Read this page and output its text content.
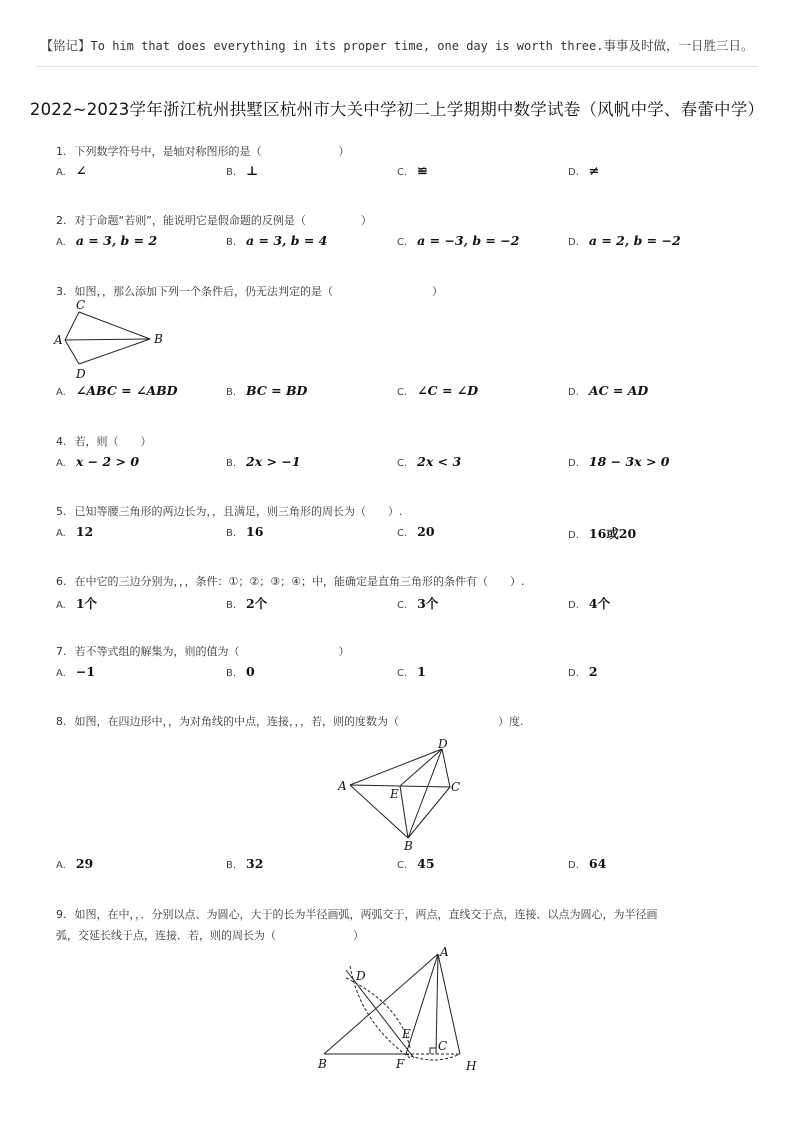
【铭记】To him that does everything in its proper time, one day is worth three.事事及时做，一日胜三日。
2022~2023学年浙江杭州拱墅区杭州市大关中学初二上学期期中数学试卷（风帆中学、春蕾中学）
1. 下列数学符号中，是轴对称图形的是（　　　　　　　）
A. ∠	B. ⊥	C. ≌	D. ≠
2. 对于命题“若则”，能说明它是假命题的反例是（　　　　　）
A. a = 3, b = 2	B. a = 3, b = 4	C. a = −3, b = −2	D. a = 2, b = −2
3. 如图，，那么添加下列一个条件后，仍无法判定的是（　　　　　　　　　）
C
A	B
D
A. ∠ABC = ∠ABD	B. BC = BD	C. ∠C = ∠D	D. AC = AD
4. 若，则（　　）
A. x − 2 > 0	B. 2x > −1	C. 2x < 3	D. 18 − 3x > 0
5. 已知等腰三角形的两边长为，，且满足，则三角形的周长为（　　）.
A. 12	B. 16	C. 20	D. 16或20
6. 在中它的三边分别为，，，条件：①；②；③；④；中，能确定是直角三角形的条件有（　　）.
A. 1个	B. 2个	C. 3个	D. 4个
7. 若不等式组的解集为，则的值为（　　　　　　　　　）
A. −1	B. 0	C. 1	D. 2
8. 如图，在四边形中，，为对角线的中点，连接，，，若，则的度数为（　　　　　　　　　）度.
D
A
E	C
B
A. 29	B. 32	C. 45	D. 64
9. 如图，在中，，．分别以点、为圆心，大于的长为半径画弧，两弧交于，两点，直线交于点，连接．以点为圆心，为半径画
弧，交延长线于点，连接．若，则的周长为（　　　　　　　）
A
D
E
C
B	F	H
